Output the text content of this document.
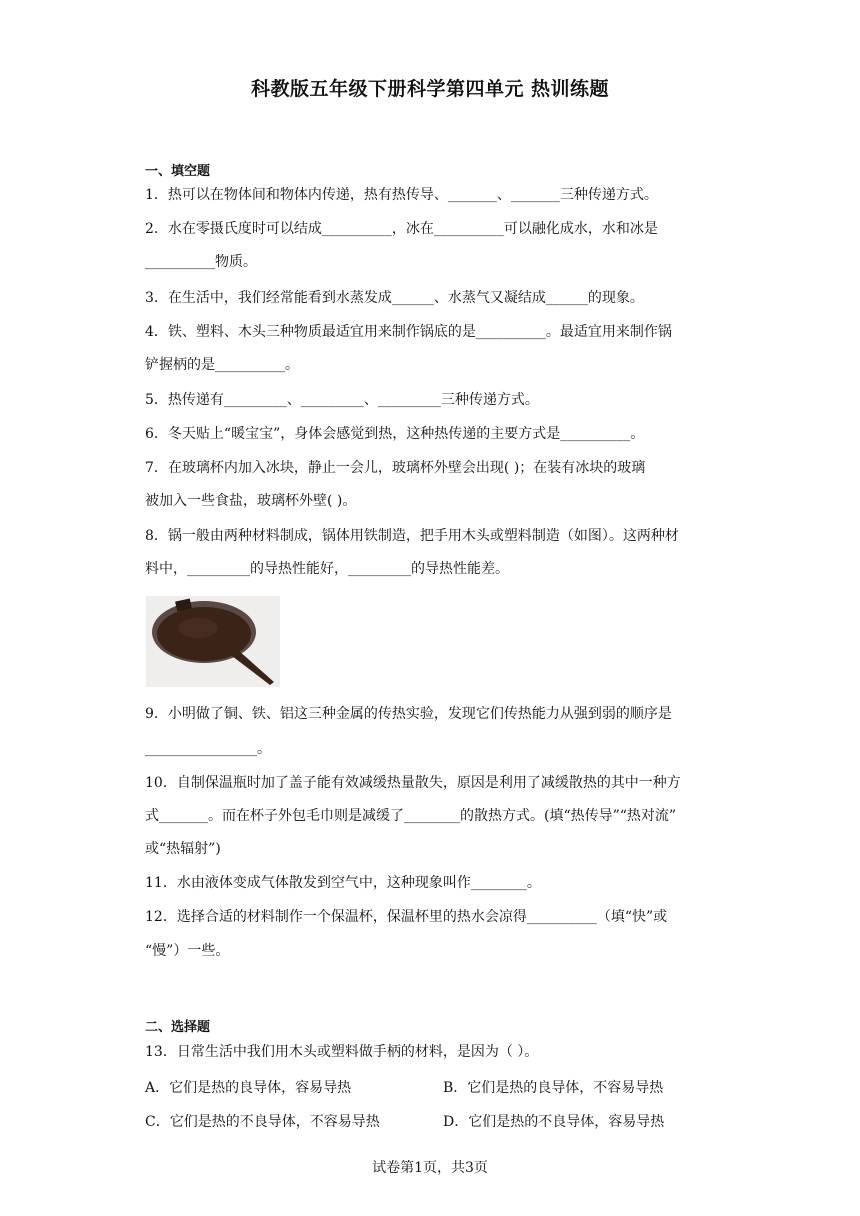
科教版五年级下册科学第四单元 热训练题
一、填空题
1．热可以在物体间和物体内传递，热有热传导、_______、_______三种传递方式。
2．水在零摄氏度时可以结成__________，冰在__________可以融化成水，水和冰是
__________物质。
3．在生活中，我们经常能看到水蒸发成______、水蒸气又凝结成______的现象。
4．铁、塑料、木头三种物质最适宜用来制作锅底的是__________。最适宜用来制作锅
铲握柄的是__________。
5．热传递有_________、_________、_________三种传递方式。
6．冬天贴上“暖宝宝”，身体会感觉到热，这种热传递的主要方式是__________。
7．在玻璃杯内加入冰块，静止一会儿，玻璃杯外壁会出现( )；在装有冰块的玻璃
被加入一些食盐，玻璃杯外壁( )。
8．锅一般由两种材料制成，锅体用铁制造，把手用木头或塑料制造（如图）。这两种材
料中，_________的导热性能好，_________的导热性能差。
9．小明做了铜、铁、铝这三种金属的传热实验，发现它们传热能力从强到弱的顺序是
________________。
10．自制保温瓶时加了盖子能有效减缓热量散失，原因是利用了减缓散热的其中一种方
式_______。而在杯子外包毛巾则是减缓了________的散热方式。(填“热传导”“热对流”
或“热辐射”)
11．水由液体变成气体散发到空气中，这种现象叫作________。
12．选择合适的材料制作一个保温杯，保温杯里的热水会凉得__________（填“快”或
“慢”）一些。
二、选择题
13．日常生活中我们用木头或塑料做手柄的材料，是因为（ ）。
A．它们是热的良导体，容易导热	B．它们是热的良导体，不容易导热
C．它们是热的不良导体，不容易导热	D．它们是热的不良导体，容易导热
试卷第1页，共3页
